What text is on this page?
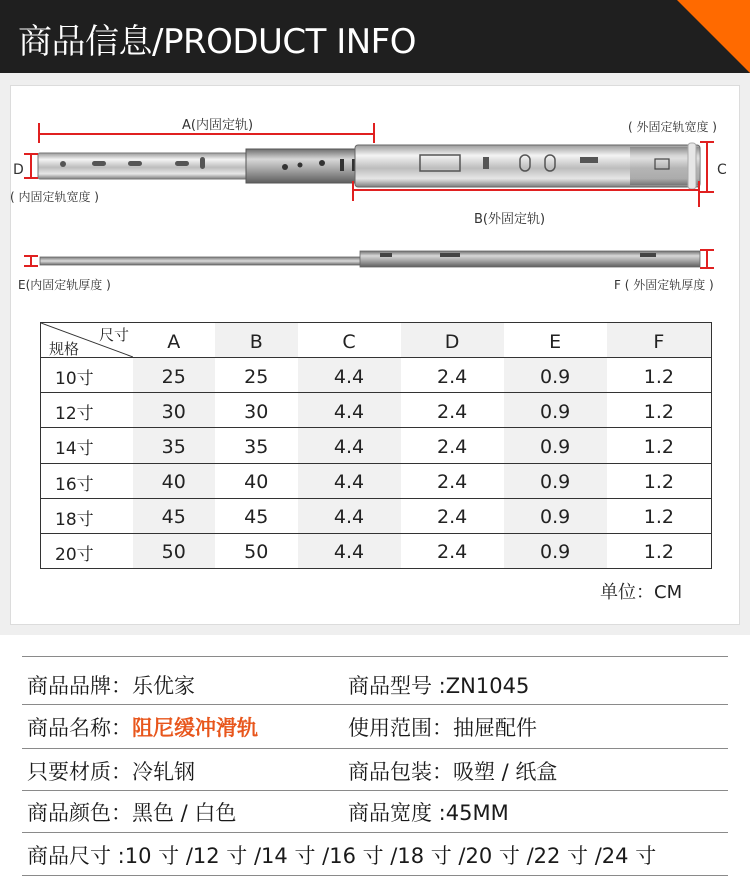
商品信息/PRODUCT INFO
A(内固定轨)
B(外固定轨)
C
( 外固定轨宽度 )
D
( 内固定轨宽度 )
E(内固定轨厚度 )	F ( 外固定轨厚度 )
尺寸
规格	A	B	C	D	E	F
10寸	25	25	4.4	2.4	0.9	1.2
12寸	30	30	4.4	2.4	0.9	1.2
14寸	35	35	4.4	2.4	0.9	1.2
16寸	40	40	4.4	2.4	0.9	1.2
18寸	45	45	4.4	2.4	0.9	1.2
20寸	50	50	4.4	2.4	0.9	1.2
单位：CM
商品品牌：乐优家	商品型号 :ZN1045
商品名称：阻尼缓冲滑轨	使用范围：抽屉配件
只要材质：冷轧钢	商品包装：吸塑 / 纸盒
商品颜色：黑色 / 白色	商品宽度 :45MM
商品尺寸 :10 寸 /12 寸 /14 寸 /16 寸 /18 寸 /20 寸 /22 寸 /24 寸
